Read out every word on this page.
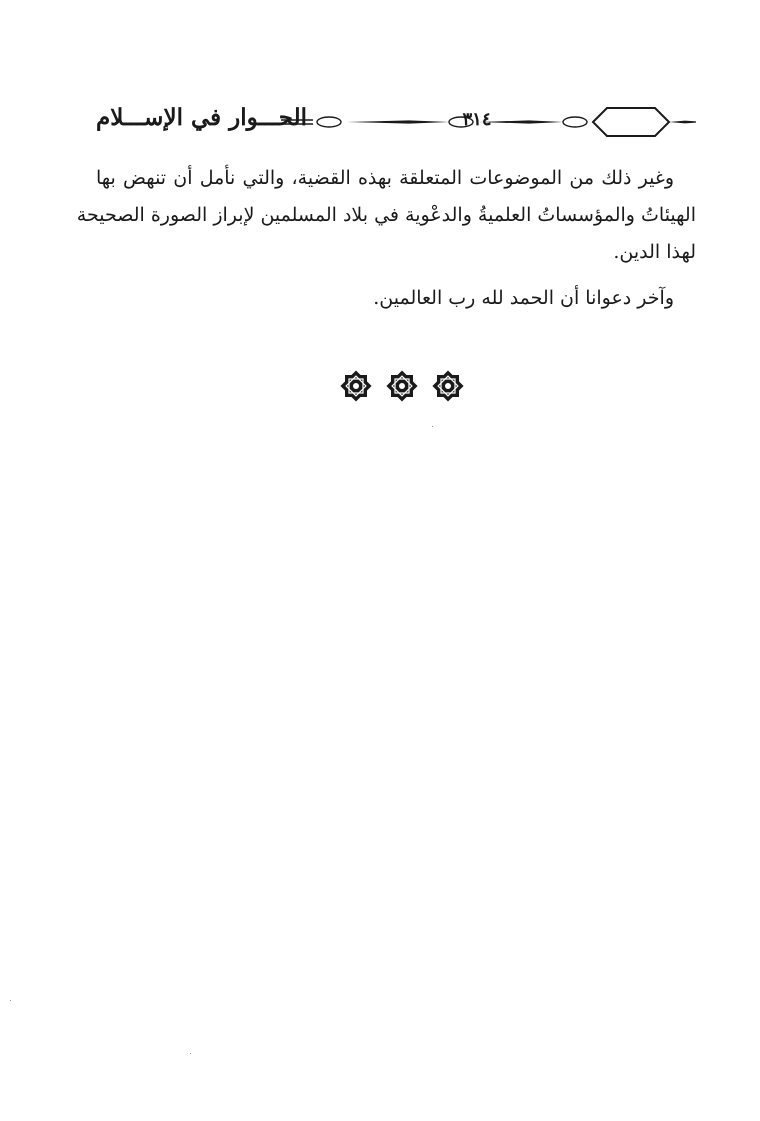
الحـــوار في الإســـلام	٣١٤
وغير ذلك من الموضوعات المتعلقة بهذه القضية، والتي نأمل أن تنهض بها
الهيئاتُ والمؤسساتُ العلميةُ والدعْوية في بلاد المسلمين لإبراز الصورة الصحيحة
لهذا الدين.
وآخر دعوانا أن الحمد لله رب العالمين.
